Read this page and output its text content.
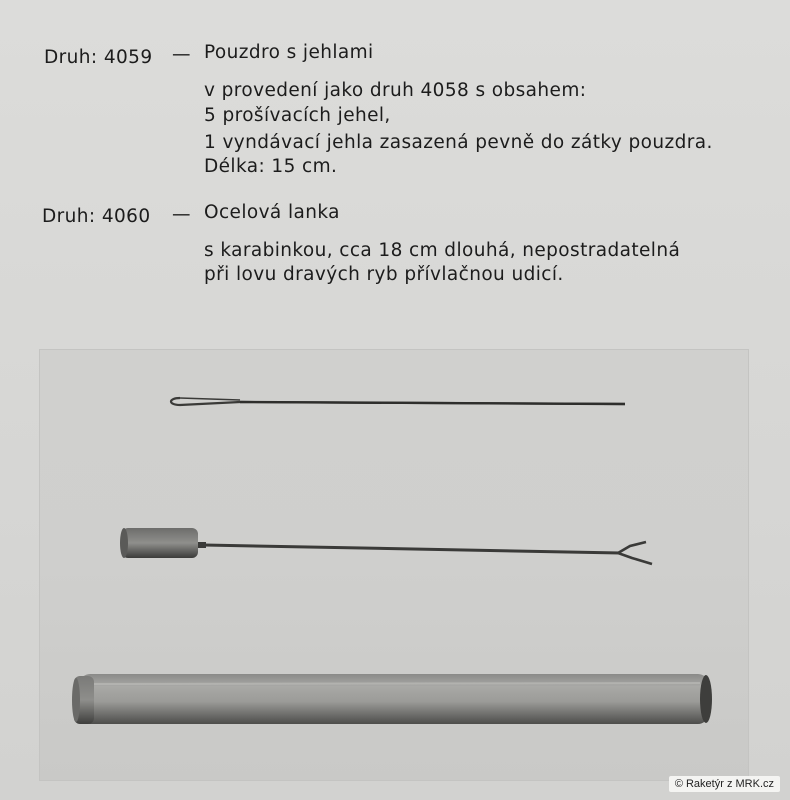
Druh: 4059 — Pouzdro s jehlami
v provedení jako druh 4058 s obsahem:
5 prošívacích jehel,
1 vyndávací jehla zasazená pevně do zátky pouzdra.
Délka: 15 cm.
Druh: 4060 — Ocelová lanka
s karabinkou, cca 18 cm dlouhá, nepostradatelná
při lovu dravých ryb přívlačnou udicí.
© Raketýr z MRK.cz
